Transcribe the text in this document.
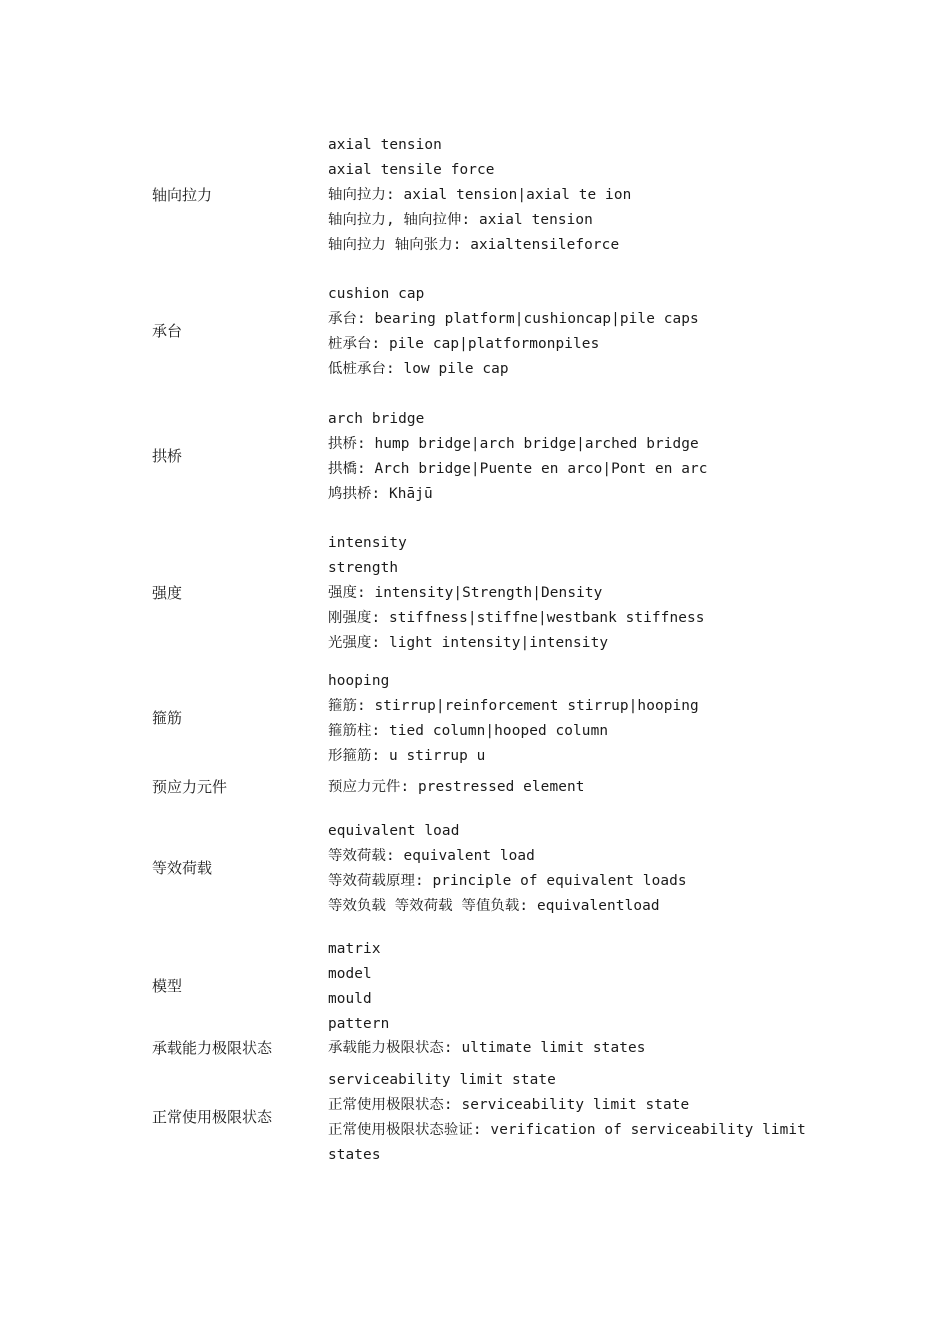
轴向拉力
axial tension
axial tensile force
轴向拉力: axial tension|axial te ion
轴向拉力, 轴向拉伸: axial tension
轴向拉力 轴向张力: axialtensileforce
承台
cushion cap
承台: bearing platform|cushioncap|pile caps
桩承台: pile cap|platformonpiles
低桩承台: low pile cap
拱桥
arch bridge
拱桥: hump bridge|arch bridge|arched bridge
拱橋: Arch bridge|Puente en arco|Pont en arc
鸠拱桥: Khājū
强度
intensity
strength
强度: intensity|Strength|Density
刚强度: stiffness|stiffne|westbank stiffness
光强度: light intensity|intensity
箍筋
hooping
箍筋: stirrup|reinforcement stirrup|hooping
箍筋柱: tied column|hooped column
形箍筋: u stirrup u
预应力元件	预应力元件: prestressed element
等效荷载
equivalent load
等效荷载: equivalent load
等效荷载原理: principle of equivalent loads
等效负载 等效荷载 等值负载: equivalentload
模型
matrix
model
mould
pattern
承载能力极限状态	承载能力极限状态: ultimate limit states
正常使用极限状态
serviceability limit state
正常使用极限状态: serviceability limit state
正常使用极限状态验证: verification of serviceability limit states
